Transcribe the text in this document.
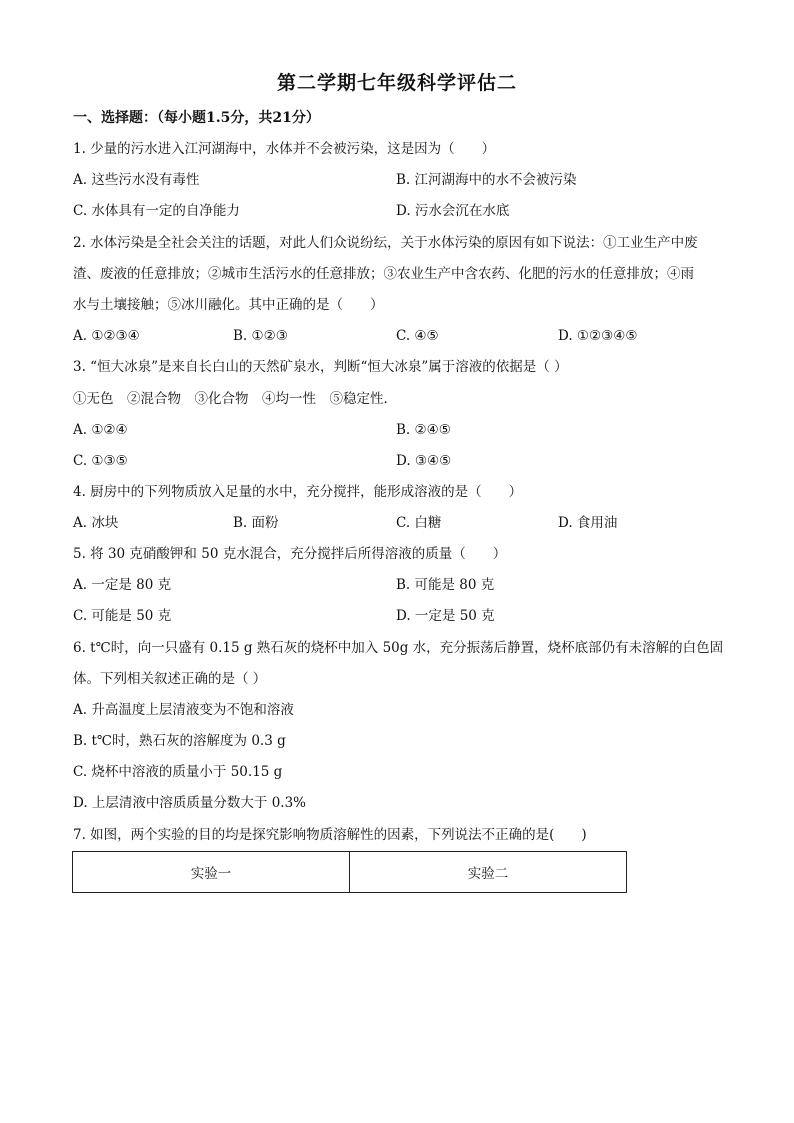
第二学期七年级科学评估二
一、选择题：（每小题1.5分，共21分）
1. 少量的污水进入江河湖海中，水体并不会被污染，这是因为（　　）
A. 这些污水没有毒性	B. 江河湖海中的水不会被污染
C. 水体具有一定的自净能力	D. 污水会沉在水底
2. 水体污染是全社会关注的话题，对此人们众说纷纭，关于水体污染的原因有如下说法：①工业生产中废
渣、废液的任意排放；②城市生活污水的任意排放；③农业生产中含农药、化肥的污水的任意排放；④雨
水与土壤接触；⑤冰川融化。其中正确的是（　　）
A. ①②③④	B. ①②③	C. ④⑤	D. ①②③④⑤
3. “恒大冰泉”是来自长白山的天然矿泉水，判断“恒大冰泉”属于溶液的依据是（ ）
①无色　②混合物　③化合物　④均一性　⑤稳定性．
A. ①②④	B. ②④⑤
C. ①③⑤	D. ③④⑤
4. 厨房中的下列物质放入足量的水中，充分搅拌，能形成溶液的是（　　）
A. 冰块	B. 面粉	C. 白糖	D. 食用油
5. 将 30 克硝酸钾和 50 克水混合，充分搅拌后所得溶液的质量（　　）
A. 一定是 80 克	B. 可能是 80 克
C. 可能是 50 克	D. 一定是 50 克
6. t℃时，向一只盛有 0.15 g 熟石灰的烧杯中加入 50g 水，充分振荡后静置，烧杯底部仍有未溶解的白色固
体。下列相关叙述正确的是（ ）
A. 升高温度上层清液变为不饱和溶液
B. t℃时，熟石灰的溶解度为 0.3 g
C. 烧杯中溶液的质量小于 50.15 g
D. 上层清液中溶质质量分数大于 0.3%
7. 如图，两个实验的目的均是探究影响物质溶解性的因素，下列说法不正确的是(　　)
实验一	实验二
